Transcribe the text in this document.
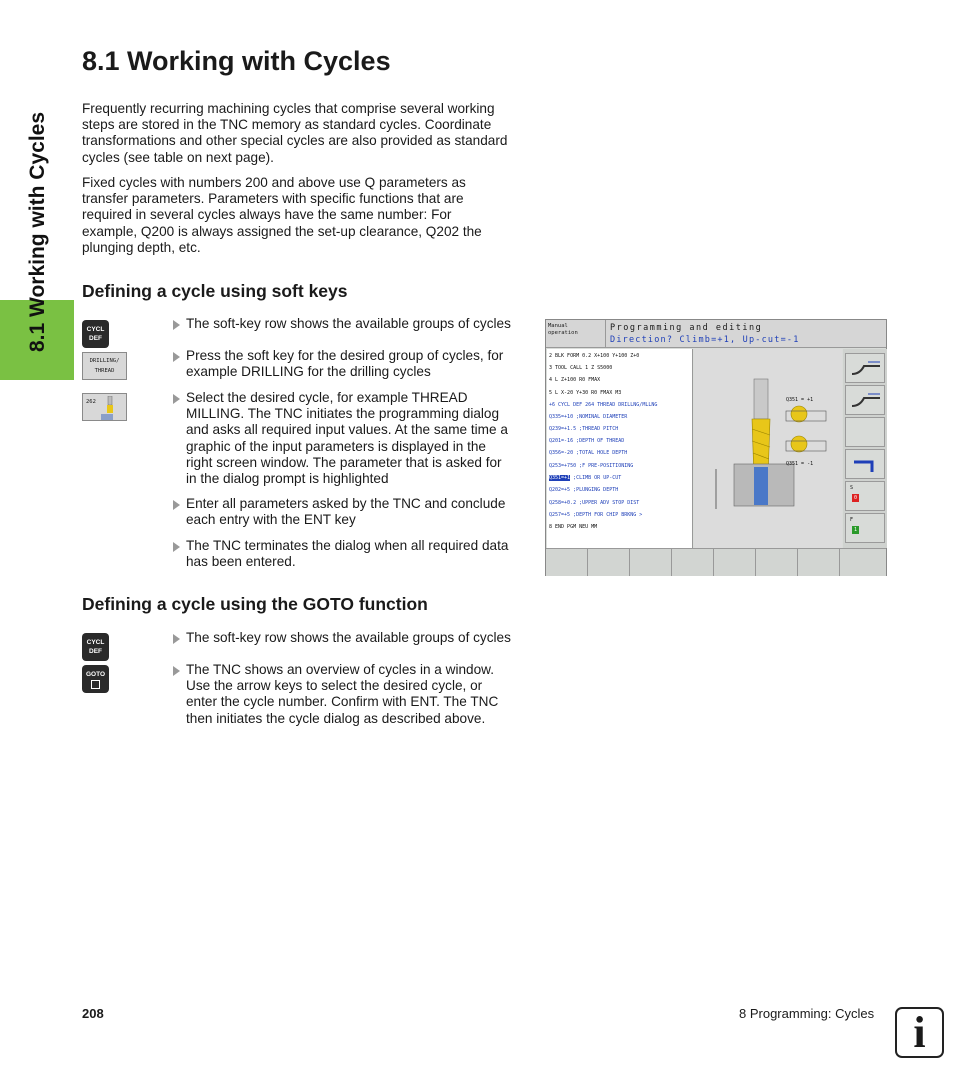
8.1 Working with Cycles
8.1 Working with Cycles
Frequently recurring machining cycles that comprise several working
steps are stored in the TNC memory as standard cycles. Coordinate
transformations and other special cycles are also provided as standard
cycles (see table on next page).
Fixed cycles with numbers 200 and above use Q parameters as
transfer parameters. Parameters with specific functions that are
required in several cycles always have the same number: For
example, Q200 is always assigned the set-up clearance, Q202 the
plunging depth, etc.
Defining a cycle using soft keys
CYCL
DEF
DRILLING/
THREAD
262
The soft-key row shows the available groups of cycles
Press the soft key for the desired group of cycles, for
example DRILLING for the drilling cycles
Select the desired cycle, for example THREAD
MILLING. The TNC initiates the programming dialog
and asks all required input values. At the same time a
graphic of the input parameters is displayed in the
right screen window. The parameter that is asked for
in the dialog prompt is highlighted
Enter all parameters asked by the TNC and conclude
each entry with the ENT key
The TNC terminates the dialog when all required data
has been entered.
Manual
operation	Programming and editing
Direction? Climb=+1, Up-cut=-1
2 BLK FORM 0.2 X+100 Y+100 Z+0
3 TOOL CALL 1 Z S5000
4 L Z+100 R0 FMAX
5 L X-20 Y+30 R0 FMAX M3
+6 CYCL DEF 264 THREAD DRILLNG/MLLNG
Q335=+10 ;NOMINAL DIAMETER
Q239=+1.5 ;THREAD PITCH
Q201=-16 ;DEPTH OF THREAD
Q356=-20 ;TOTAL HOLE DEPTH
Q253=+750 ;F PRE-POSITIONING
Q351=+1 ;CLIMB OR UP-CUT
Q202=+5 ;PLUNGING DEPTH
Q258=+0.2 ;UPPER ADV STOP DIST
Q257=+5 ;DEPTH FOR CHIP BRKNG >
8 END PGM NEU MM
Q351 = +1
Q351 = -1
S
0
F
1
Defining a cycle using the GOTO function
CYCL
DEF
GOTO
The soft-key row shows the available groups of cycles
The TNC shows an overview of cycles in a window.
Use the arrow keys to select the desired cycle, or
enter the cycle number. Confirm with ENT. The TNC
then initiates the cycle dialog as described above.
208	8 Programming: Cycles i
